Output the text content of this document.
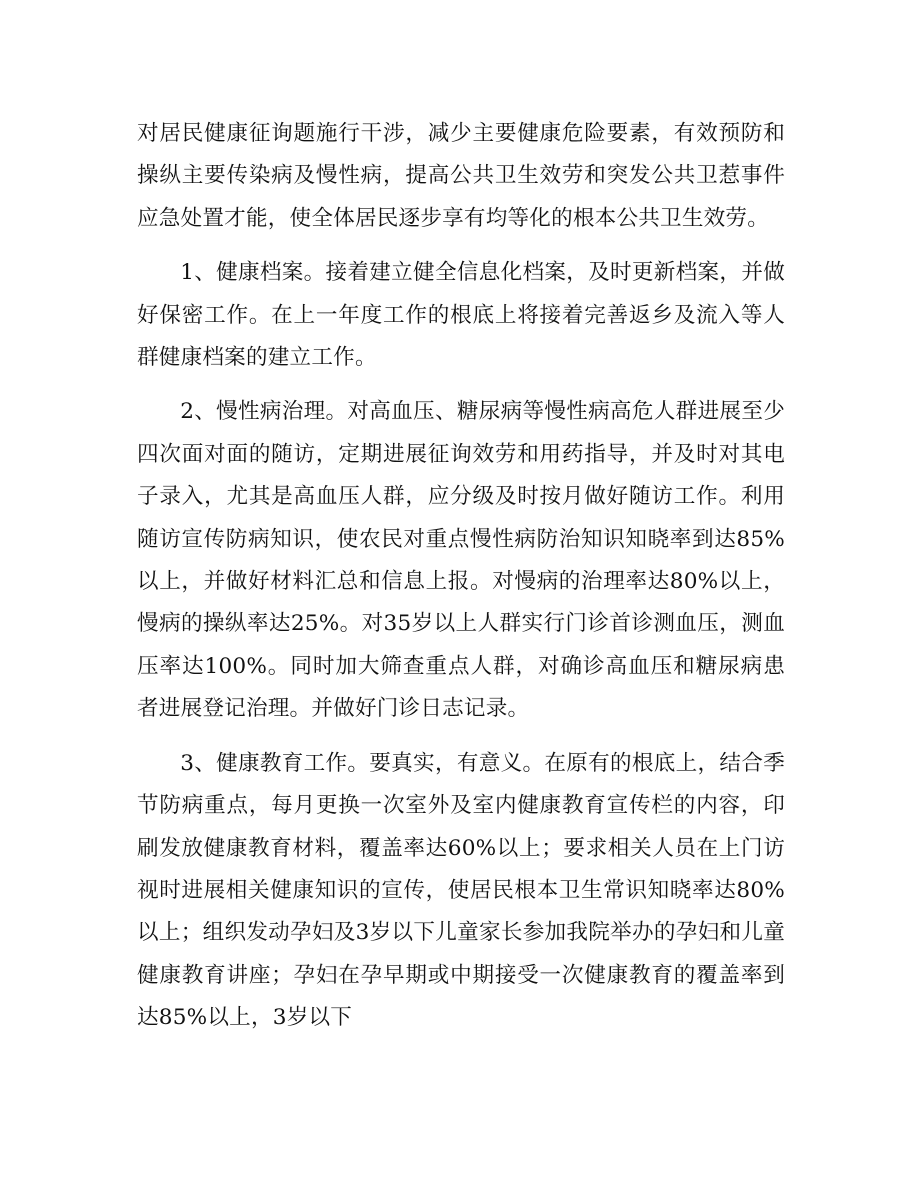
对居民健康征询题施行干涉，减少主要健康危险要素，有效预防和操纵主要传染病及慢性病，提高公共卫生效劳和突发公共卫惹事件应急处置才能，使全体居民逐步享有均等化的根本公共卫生效劳。

1、健康档案。接着建立健全信息化档案，及时更新档案，并做好保密工作。在上一年度工作的根底上将接着完善返乡及流入等人群健康档案的建立工作。

2、慢性病治理。对高血压、糖尿病等慢性病高危人群进展至少四次面对面的随访，定期进展征询效劳和用药指导，并及时对其电子录入，尤其是高血压人群，应分级及时按月做好随访工作。利用随访宣传防病知识，使农民对重点慢性病防治知识知晓率到达85%以上，并做好材料汇总和信息上报。对慢病的治理率达80%以上，慢病的操纵率达25%。对35岁以上人群实行门诊首诊测血压，测血压率达100%。同时加大筛查重点人群，对确诊高血压和糖尿病患者进展登记治理。并做好门诊日志记录。

3、健康教育工作。要真实，有意义。在原有的根底上，结合季节防病重点，每月更换一次室外及室内健康教育宣传栏的内容，印刷发放健康教育材料，覆盖率达60%以上；要求相关人员在上门访视时进展相关健康知识的宣传，使居民根本卫生常识知晓率达80%以上；组织发动孕妇及3岁以下儿童家长参加我院举办的孕妇和儿童健康教育讲座；孕妇在孕早期或中期接受一次健康教育的覆盖率到达85%以上，3岁以下
